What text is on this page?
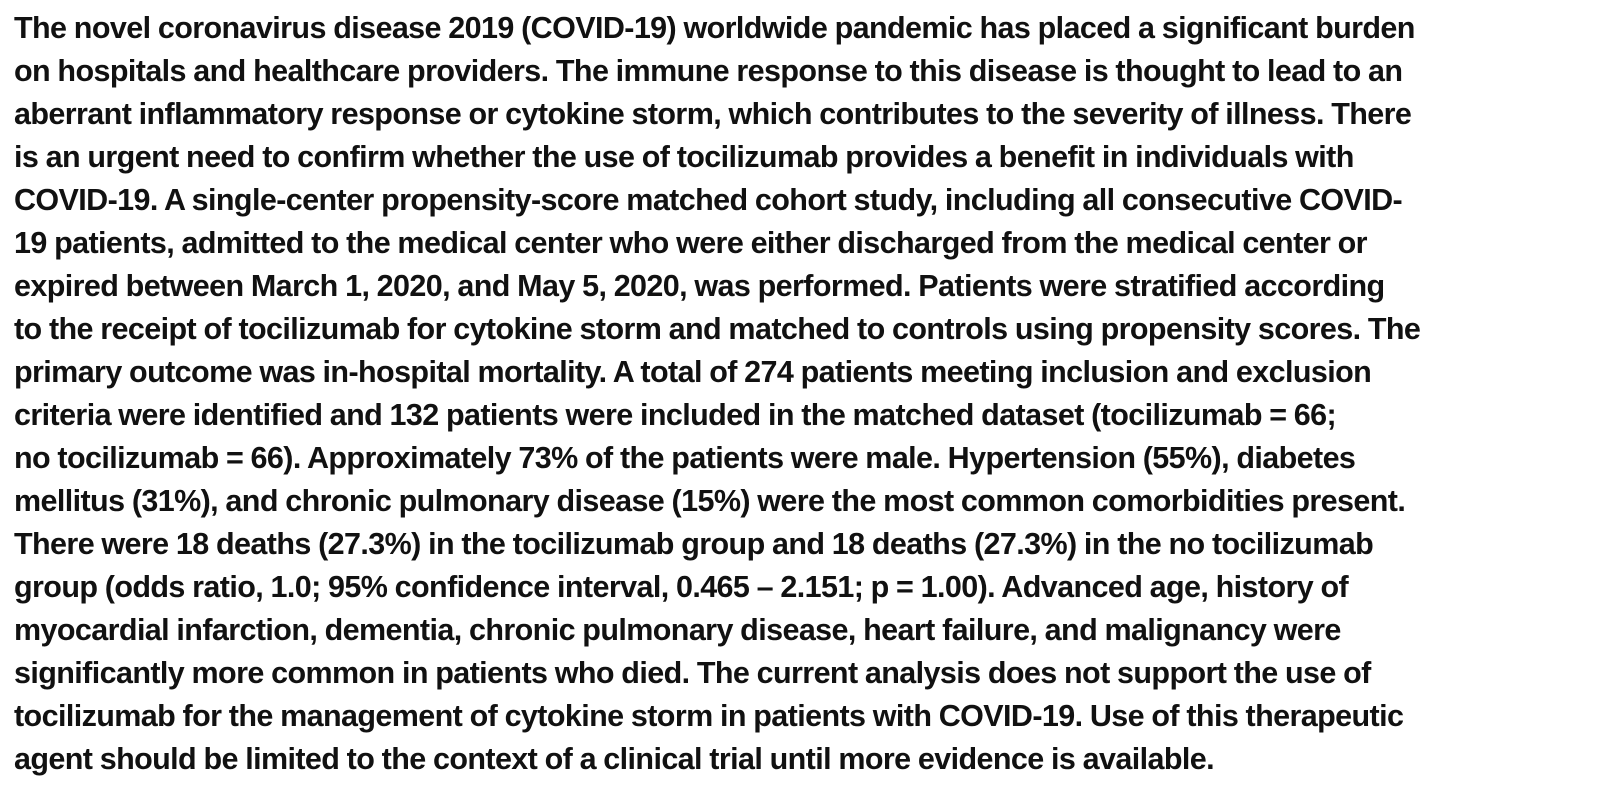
The novel coronavirus disease 2019 (COVID-19) worldwide pandemic has placed a significant burden
on hospitals and healthcare providers. The immune response to this disease is thought to lead to an
aberrant inflammatory response or cytokine storm, which contributes to the severity of illness. There
is an urgent need to confirm whether the use of tocilizumab provides a benefit in individuals with
COVID-19. A single-center propensity-score matched cohort study, including all consecutive COVID-
19 patients, admitted to the medical center who were either discharged from the medical center or
expired between March 1, 2020, and May 5, 2020, was performed. Patients were stratified according
to the receipt of tocilizumab for cytokine storm and matched to controls using propensity scores. The
primary outcome was in-hospital mortality. A total of 274 patients meeting inclusion and exclusion
criteria were identified and 132 patients were included in the matched dataset (tocilizumab = 66;
no tocilizumab = 66). Approximately 73% of the patients were male. Hypertension (55%), diabetes
mellitus (31%), and chronic pulmonary disease (15%) were the most common comorbidities present.
There were 18 deaths (27.3%) in the tocilizumab group and 18 deaths (27.3%) in the no tocilizumab
group (odds ratio, 1.0; 95% confidence interval, 0.465 – 2.151; p = 1.00). Advanced age, history of
myocardial infarction, dementia, chronic pulmonary disease, heart failure, and malignancy were
significantly more common in patients who died. The current analysis does not support the use of
tocilizumab for the management of cytokine storm in patients with COVID-19. Use of this therapeutic
agent should be limited to the context of a clinical trial until more evidence is available.
